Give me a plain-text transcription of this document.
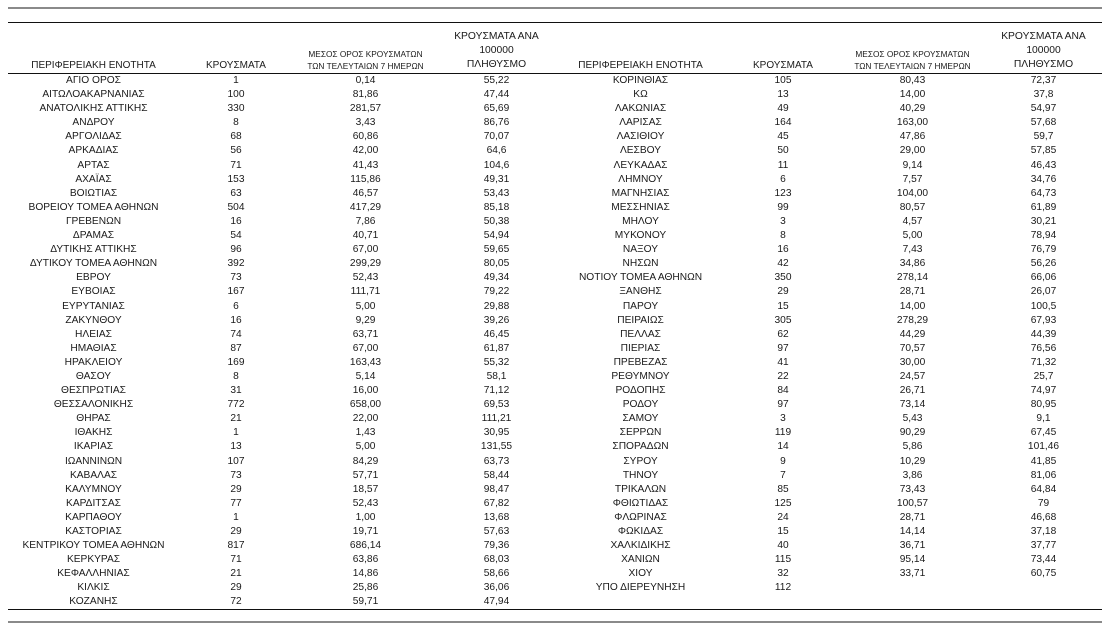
ΠΕΡΙΦΕΡΕΙΑΚΗ ΕΝΟΤΗΤΑ	ΚΡΟΥΣΜΑΤΑ
ΜΕΣΟΣ ΟΡΟΣ ΚΡΟΥΣΜΑΤΩΝ
ΤΩΝ ΤΕΛΕΥΤΑΙΩΝ 7 ΗΜΕΡΩΝ
ΚΡΟΥΣΜΑΤΑ ΑΝΑ 100000
ΠΛΗΘΥΣΜΟ	ΠΕΡΙΦΕΡΕΙΑΚΗ ΕΝΟΤΗΤΑ	ΚΡΟΥΣΜΑΤΑ
ΜΕΣΟΣ ΟΡΟΣ ΚΡΟΥΣΜΑΤΩΝ
ΤΩΝ ΤΕΛΕΥΤΑΙΩΝ 7 ΗΜΕΡΩΝ
ΚΡΟΥΣΜΑΤΑ ΑΝΑ 100000
ΠΛΗΘΥΣΜΟ
ΑΓΙΟ ΟΡΟΣ	1	0,14	55,22
ΑΙΤΩΛΟΑΚΑΡΝΑΝΙΑΣ	100	81,86	47,44
ΑΝΑΤΟΛΙΚΗΣ ΑΤΤΙΚΗΣ	330	281,57	65,69
ΑΝΔΡΟΥ	8	3,43	86,76
ΑΡΓΟΛΙΔΑΣ	68	60,86	70,07
ΑΡΚΑΔΙΑΣ	56	42,00	64,6
ΑΡΤΑΣ	71	41,43	104,6
ΑΧΑΪΑΣ	153	115,86	49,31
ΒΟΙΩΤΙΑΣ	63	46,57	53,43
ΒΟΡΕΙΟΥ ΤΟΜΕΑ ΑΘΗΝΩΝ	504	417,29	85,18
ΓΡΕΒΕΝΩΝ	16	7,86	50,38
ΔΡΑΜΑΣ	54	40,71	54,94
ΔΥΤΙΚΗΣ ΑΤΤΙΚΗΣ	96	67,00	59,65
ΔΥΤΙΚΟΥ ΤΟΜΕΑ ΑΘΗΝΩΝ	392	299,29	80,05
ΕΒΡΟΥ	73	52,43	49,34
ΕΥΒΟΙΑΣ	167	111,71	79,22
ΕΥΡΥΤΑΝΙΑΣ	6	5,00	29,88
ΖΑΚΥΝΘΟΥ	16	9,29	39,26
ΗΛΕΙΑΣ	74	63,71	46,45
ΗΜΑΘΙΑΣ	87	67,00	61,87
ΗΡΑΚΛΕΙΟΥ	169	163,43	55,32
ΘΑΣΟΥ	8	5,14	58,1
ΘΕΣΠΡΩΤΙΑΣ	31	16,00	71,12
ΘΕΣΣΑΛΟΝΙΚΗΣ	772	658,00	69,53
ΘΗΡΑΣ	21	22,00	111,21
ΙΘΑΚΗΣ	1	1,43	30,95
ΙΚΑΡΙΑΣ	13	5,00	131,55
ΙΩΑΝΝΙΝΩΝ	107	84,29	63,73
ΚΑΒΑΛΑΣ	73	57,71	58,44
ΚΑΛΥΜΝΟΥ	29	18,57	98,47
ΚΑΡΔΙΤΣΑΣ	77	52,43	67,82
ΚΑΡΠΑΘΟΥ	1	1,00	13,68
ΚΑΣΤΟΡΙΑΣ	29	19,71	57,63
ΚΕΝΤΡΙΚΟΥ ΤΟΜΕΑ ΑΘΗΝΩΝ	817	686,14	79,36
ΚΕΡΚΥΡΑΣ	71	63,86	68,03
ΚΕΦΑΛΛΗΝΙΑΣ	21	14,86	58,66
ΚΙΛΚΙΣ	29	25,86	36,06
ΚΟΖΑΝΗΣ	72	59,71	47,94
ΚΟΡΙΝΘΙΑΣ	105	80,43	72,37
ΚΩ	13	14,00	37,8
ΛΑΚΩΝΙΑΣ	49	40,29	54,97
ΛΑΡΙΣΑΣ	164	163,00	57,68
ΛΑΣΙΘΙΟΥ	45	47,86	59,7
ΛΕΣΒΟΥ	50	29,00	57,85
ΛΕΥΚΑΔΑΣ	11	9,14	46,43
ΛΗΜΝΟΥ	6	7,57	34,76
ΜΑΓΝΗΣΙΑΣ	123	104,00	64,73
ΜΕΣΣΗΝΙΑΣ	99	80,57	61,89
ΜΗΛΟΥ	3	4,57	30,21
ΜΥΚΟΝΟΥ	8	5,00	78,94
ΝΑΞΟΥ	16	7,43	76,79
ΝΗΣΩΝ	42	34,86	56,26
ΝΟΤΙΟΥ ΤΟΜΕΑ ΑΘΗΝΩΝ	350	278,14	66,06
ΞΑΝΘΗΣ	29	28,71	26,07
ΠΑΡΟΥ	15	14,00	100,5
ΠΕΙΡΑΙΩΣ	305	278,29	67,93
ΠΕΛΛΑΣ	62	44,29	44,39
ΠΙΕΡΙΑΣ	97	70,57	76,56
ΠΡΕΒΕΖΑΣ	41	30,00	71,32
ΡΕΘΥΜΝΟΥ	22	24,57	25,7
ΡΟΔΟΠΗΣ	84	26,71	74,97
ΡΟΔΟΥ	97	73,14	80,95
ΣΑΜΟΥ	3	5,43	9,1
ΣΕΡΡΩΝ	119	90,29	67,45
ΣΠΟΡΑΔΩΝ	14	5,86	101,46
ΣΥΡΟΥ	9	10,29	41,85
ΤΗΝΟΥ	7	3,86	81,06
ΤΡΙΚΑΛΩΝ	85	73,43	64,84
ΦΘΙΩΤΙΔΑΣ	125	100,57	79
ΦΛΩΡΙΝΑΣ	24	28,71	46,68
ΦΩΚΙΔΑΣ	15	14,14	37,18
ΧΑΛΚΙΔΙΚΗΣ	40	36,71	37,77
ΧΑΝΙΩΝ	115	95,14	73,44
ΧΙΟΥ	32	33,71	60,75
ΥΠΟ ΔΙΕΡΕΥΝΗΣΗ	112
